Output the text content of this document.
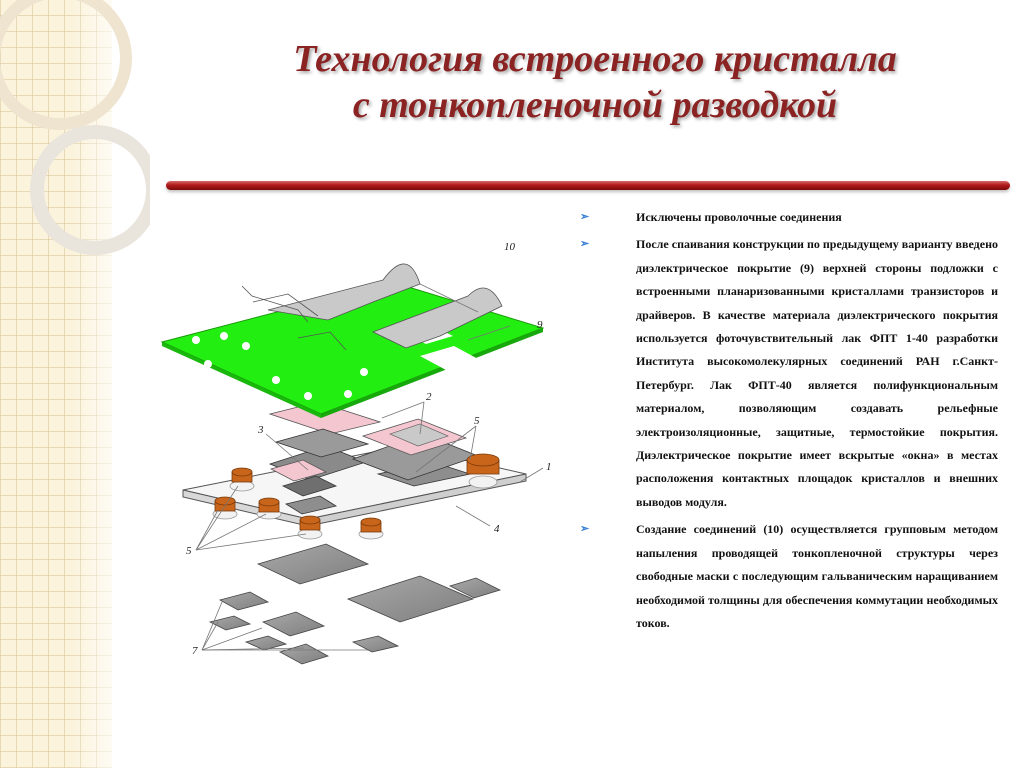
Технология встроенного кристалла
с тонкопленочной разводкой
10
9
2
3
5
1
5
4
7
➢	Исключены проволочные соединения
➢	После спаивания конструкции по предыдущему варианту введено диэлектрическое покрытие (9) верхней стороны подложки с встроенными планаризованными кристаллами транзисторов и драйверов. В качестве материала диэлектрического покрытия используется фоточувствительный лак ФПТ 1-40 разработки Института высокомолекулярных соединений РАН г.Санкт-Петербург. Лак ФПТ-40 является полифункциональным материалом, позволяющим создавать рельефные электроизоляционные, защитные, термостойкие покрытия. Диэлектрическое покрытие имеет вскрытые «окна» в местах расположения контактных площадок кристаллов и внешних выводов модуля.
➢	Создание соединений (10) осуществляется групповым методом напыления проводящей тонкопленочной структуры через свободные маски с последующим гальваническим наращиванием необходимой толщины для обеспечения коммутации необходимых токов.
